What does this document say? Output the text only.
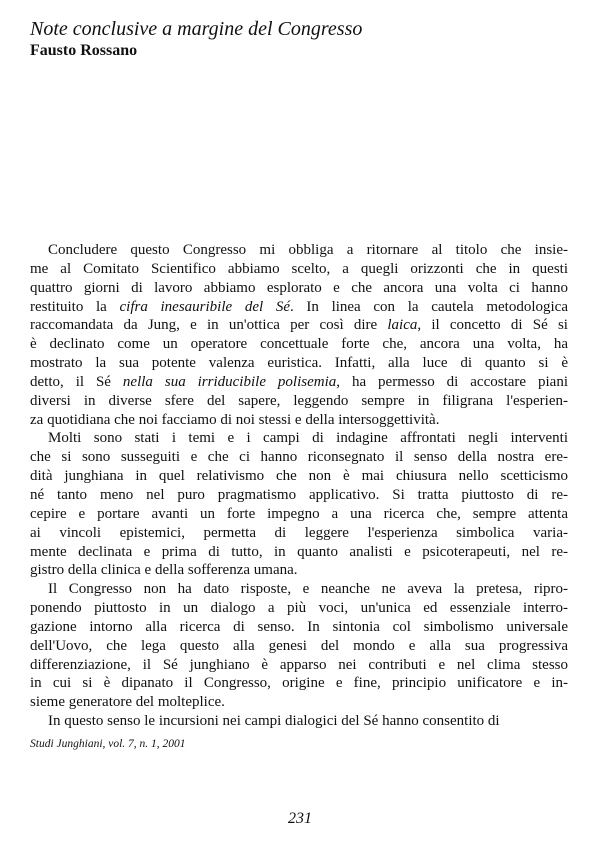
Note conclusive a margine del Congresso
Fausto Rossano

Concludere questo Congresso mi obbliga a ritornare al titolo che insie-
me al Comitato Scientifico abbiamo scelto, a quegli orizzonti che in questi
quattro giorni di lavoro abbiamo esplorato e che ancora una volta ci hanno
restituito la cifra inesauribile del Sé. In linea con la cautela metodologica
raccomandata da Jung, e in un'ottica per così dire laica, il concetto di Sé si
è declinato come un operatore concettuale forte che, ancora una volta, ha
mostrato la sua potente valenza euristica. Infatti, alla luce di quanto si è
detto, il Sé nella sua irriducibile polisemia, ha permesso di accostare piani
diversi in diverse sfere del sapere, leggendo sempre in filigrana l'esperien-
za quotidiana che noi facciamo di noi stessi e della intersoggettività.

Molti sono stati i temi e i campi di indagine affrontati negli interventi
che si sono susseguiti e che ci hanno riconsegnato il senso della nostra ere-
dità junghiana in quel relativismo che non è mai chiusura nello scetticismo
né tanto meno nel puro pragmatismo applicativo. Si tratta piuttosto di re-
cepire e portare avanti un forte impegno a una ricerca che, sempre attenta
ai vincoli epistemici, permetta di leggere l'esperienza simbolica varia-
mente declinata e prima di tutto, in quanto analisti e psicoterapeuti, nel re-
gistro della clinica e della sofferenza umana.

Il Congresso non ha dato risposte, e neanche ne aveva la pretesa, ripro-
ponendo piuttosto in un dialogo a più voci, un'unica ed essenziale interro-
gazione intorno alla ricerca di senso. In sintonia col simbolismo universale
dell'Uovo, che lega questo alla genesi del mondo e alla sua progressiva
differenziazione, il Sé junghiano è apparso nei contributi e nel clima stesso
in cui si è dipanato il Congresso, origine e fine, principio unificatore e in-
sieme generatore del molteplice.

In questo senso le incursioni nei campi dialogici del Sé hanno consentito di

Studi Junghiani, vol. 7, n. 1, 2001
231
